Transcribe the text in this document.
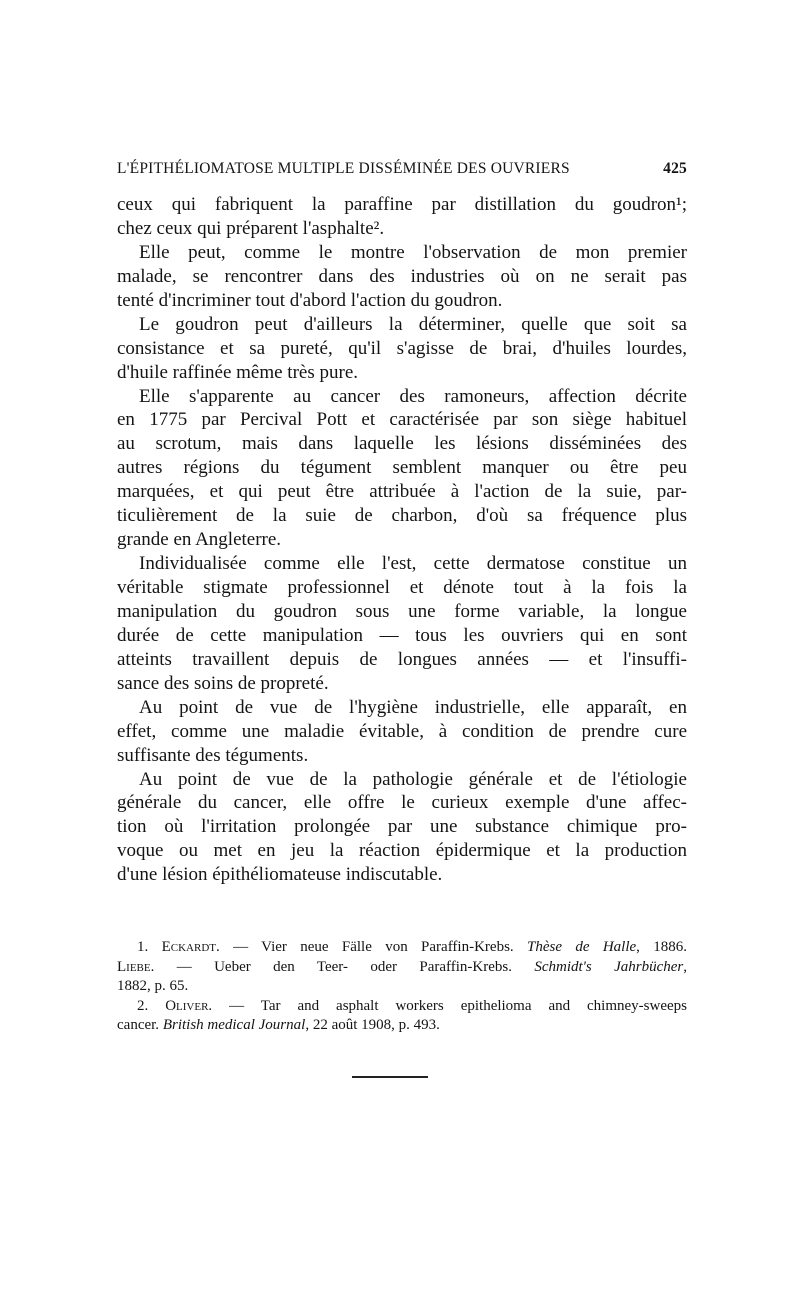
L'ÉPITHÉLIOMATOSE MULTIPLE DISSÉMINÉE DES OUVRIERS	425
ceux qui fabriquent la paraffine par distillation du goudron¹;
chez ceux qui préparent l'asphalte².
Elle peut, comme le montre l'observation de mon premier
malade, se rencontrer dans des industries où on ne serait pas
tenté d'incriminer tout d'abord l'action du goudron.
Le goudron peut d'ailleurs la déterminer, quelle que soit sa
consistance et sa pureté, qu'il s'agisse de brai, d'huiles lourdes,
d'huile raffinée même très pure.
Elle s'apparente au cancer des ramoneurs, affection décrite
en 1775 par Percival Pott et caractérisée par son siège habituel
au scrotum, mais dans laquelle les lésions disséminées des
autres régions du tégument semblent manquer ou être peu
marquées, et qui peut être attribuée à l'action de la suie, par-
ticulièrement de la suie de charbon, d'où sa fréquence plus
grande en Angleterre.
Individualisée comme elle l'est, cette dermatose constitue un
véritable stigmate professionnel et dénote tout à la fois la
manipulation du goudron sous une forme variable, la longue
durée de cette manipulation — tous les ouvriers qui en sont
atteints travaillent depuis de longues années — et l'insuffi-
sance des soins de propreté.
Au point de vue de l'hygiène industrielle, elle apparaît, en
effet, comme une maladie évitable, à condition de prendre cure
suffisante des téguments.
Au point de vue de la pathologie générale et de l'étiologie
générale du cancer, elle offre le curieux exemple d'une affec-
tion où l'irritation prolongée par une substance chimique pro-
voque ou met en jeu la réaction épidermique et la production
d'une lésion épithéliomateuse indiscutable.
1. Eckardt. — Vier neue Fälle von Paraffin-Krebs. Thèse de Halle, 1886.
Liebe. — Ueber den Teer- oder Paraffin-Krebs. Schmidt's Jahrbücher,
1882, p. 65.
2. Oliver. — Tar and asphalt workers epithelioma and chimney-sweeps
cancer. British medical Journal, 22 août 1908, p. 493.
